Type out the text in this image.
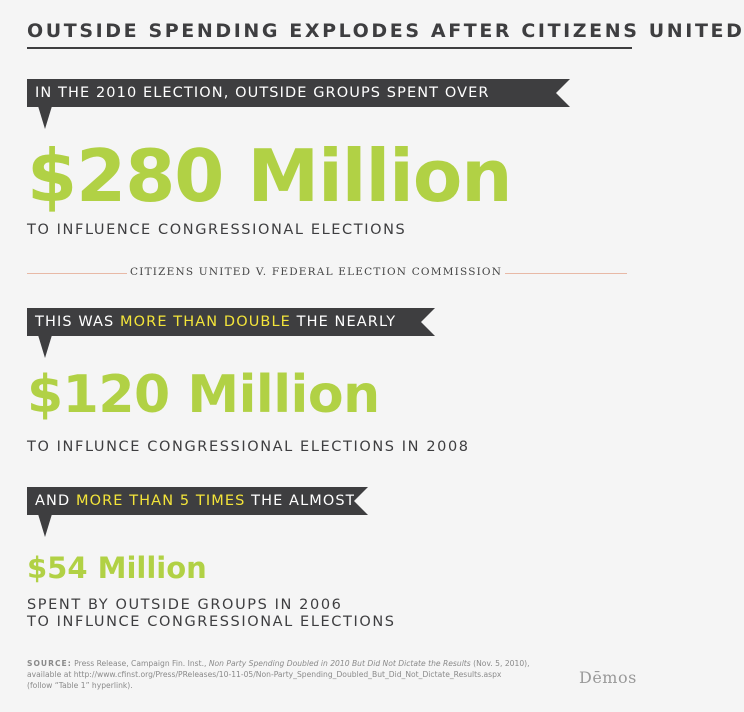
OUTSIDE SPENDING EXPLODES AFTER CITIZENS UNITED
IN THE 2010 ELECTION, OUTSIDE GROUPS SPENT OVER
$280 Million
TO INFLUENCE CONGRESSIONAL ELECTIONS
CITIZENS UNITED V. FEDERAL ELECTION COMMISSION
THIS WAS MORE THAN DOUBLE THE NEARLY
$120 Million
TO INFLUNCE CONGRESSIONAL ELECTIONS IN 2008
AND MORE THAN 5 TIMES THE ALMOST
$54 Million
SPENT BY OUTSIDE GROUPS IN 2006
TO INFLUNCE CONGRESSIONAL ELECTIONS
SOURCE: Press Release, Campaign Fin. Inst., Non Party Spending Doubled in 2010 But Did Not Dictate the Results (Nov. 5, 2010),
available at http://www.cfinst.org/Press/PReleases/10-11-05/Non-Party_Spending_Doubled_But_Did_Not_Dictate_Results.aspx
(follow “Table 1” hyperlink).	Dēmos
